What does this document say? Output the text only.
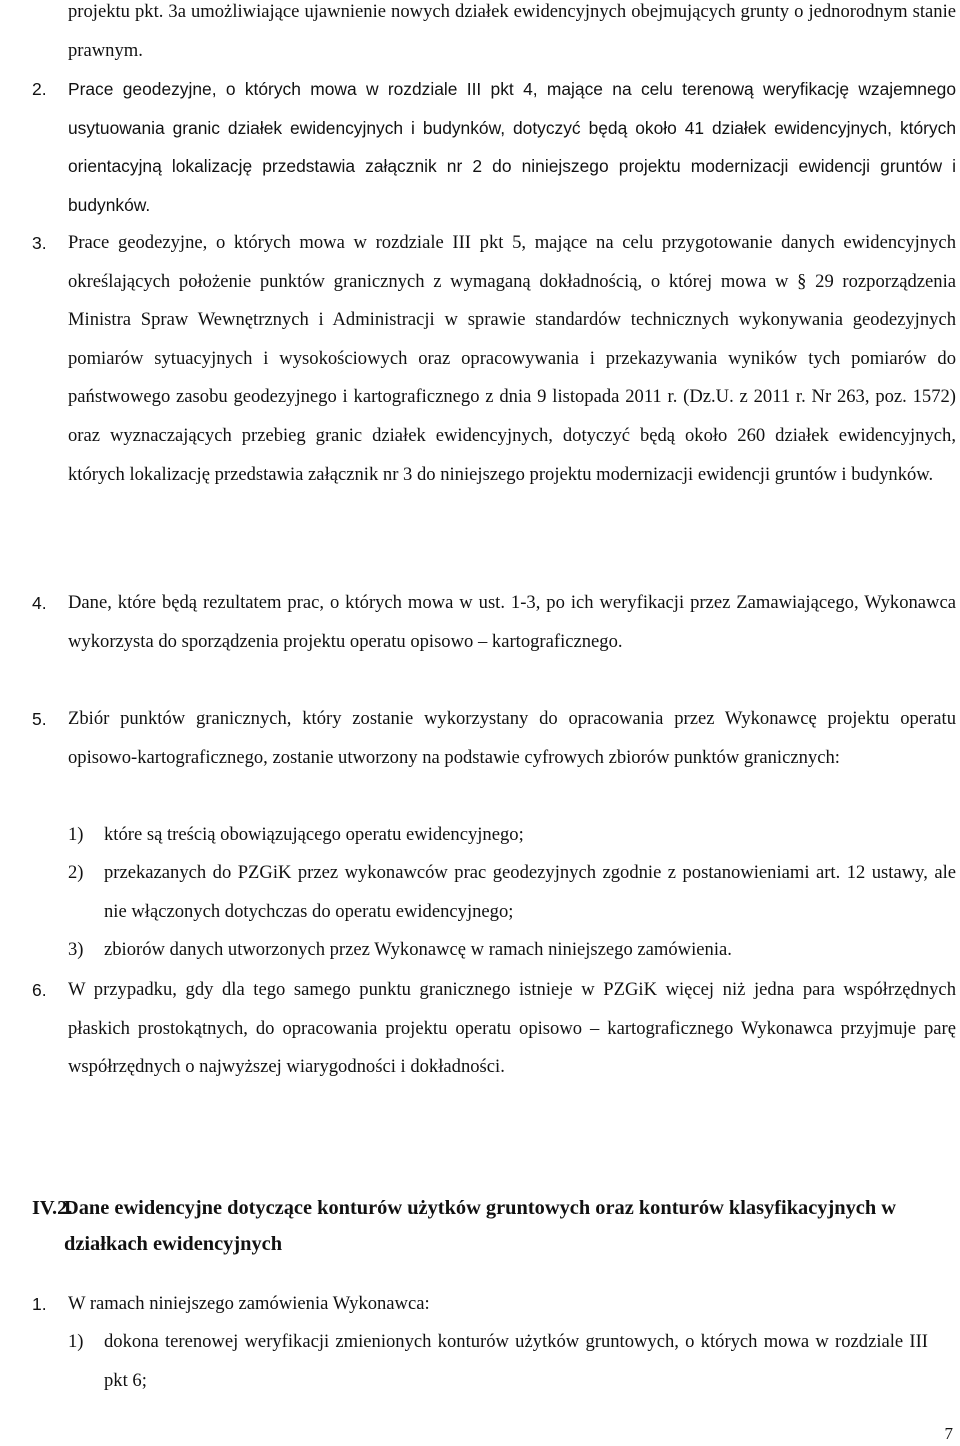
projektu pkt. 3a umożliwiające ujawnienie nowych działek ewidencyjnych obejmujących grunty o jednorodnym stanie prawnym.

2. Prace geodezyjne, o których mowa w rozdziale III pkt 4, mające na celu terenową weryfikację wzajemnego usytuowania granic działek ewidencyjnych i budynków, dotyczyć będą około 41 działek ewidencyjnych, których orientacyjną lokalizację przedstawia załącznik nr 2 do niniejszego projektu modernizacji ewidencji gruntów i budynków.

3. Prace geodezyjne, o których mowa w rozdziale III pkt 5, mające na celu przygotowanie danych ewidencyjnych określających położenie punktów granicznych z wymaganą dokładnością, o której mowa w § 29 rozporządzenia Ministra Spraw Wewnętrznych i Administracji w sprawie standardów technicznych wykonywania geodezyjnych pomiarów sytuacyjnych i wysokościowych oraz opracowywania i przekazywania wyników tych pomiarów do państwowego zasobu geodezyjnego i kartograficznego z dnia 9 listopada 2011 r. (Dz.U. z 2011 r. Nr 263, poz. 1572) oraz wyznaczających przebieg granic działek ewidencyjnych, dotyczyć będą około 260 działek ewidencyjnych, których lokalizację przedstawia załącznik nr 3 do niniejszego projektu modernizacji ewidencji gruntów i budynków.

4. Dane, które będą rezultatem prac, o których mowa w ust. 1-3, po ich weryfikacji przez Zamawiającego, Wykonawca wykorzysta do sporządzenia projektu operatu opisowo – kartograficznego.

5. Zbiór punktów granicznych, który zostanie wykorzystany do opracowania przez Wykonawcę projektu operatu opisowo-kartograficznego, zostanie utworzony na podstawie cyfrowych zbiorów punktów granicznych:

1) które są treścią obowiązującego operatu ewidencyjnego;

2) przekazanych do PZGiK przez wykonawców prac geodezyjnych zgodnie z postanowieniami art. 12 ustawy, ale nie włączonych dotychczas do operatu ewidencyjnego;

3) zbiorów danych utworzonych przez Wykonawcę w ramach niniejszego zamówienia.

6. W przypadku, gdy dla tego samego punktu granicznego istnieje w PZGiK więcej niż jedna para współrzędnych płaskich prostokątnych, do opracowania projektu operatu opisowo – kartograficznego Wykonawca przyjmuje parę współrzędnych o najwyższej wiarygodności i dokładności.

IV.2.
Dane ewidencyjne dotyczące konturów użytków gruntowych oraz konturów klasyfikacyjnych w działkach ewidencyjnych
1. W ramach niniejszego zamówienia Wykonawca:

1) dokona terenowej weryfikacji zmienionych konturów użytków gruntowych, o których mowa w rozdziale III pkt 6;

7
